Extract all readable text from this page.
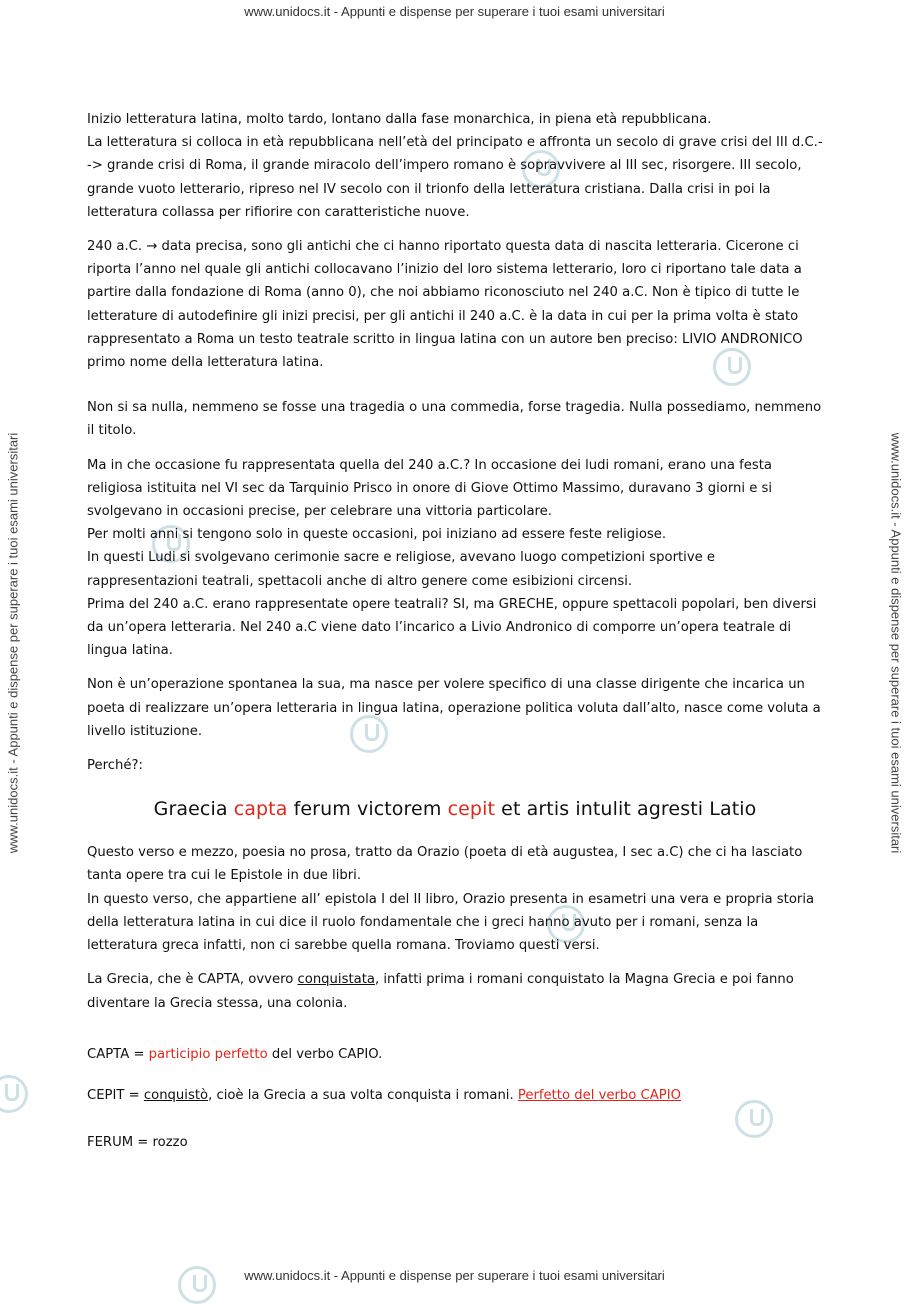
www.unidocs.it - Appunti e dispense per superare i tuoi esami universitari
www.unidocs.it - Appunti e dispense per superare i tuoi esami universitari
www.unidocs.it - Appunti e dispense per superare i tuoi esami universitari	www.unidocs.it - Appunti e dispense per superare i tuoi esami universitari

Inizio letteratura latina, molto tardo, lontano dalla fase monarchica, in piena età repubblicana.
La letteratura si colloca in età repubblicana nell’età del principato e affronta un secolo di grave crisi del III d.C.--> grande crisi di Roma, il grande miracolo dell’impero romano è sopravvivere al III sec, risorgere. III secolo, grande vuoto letterario, ripreso nel IV secolo con il trionfo della letteratura cristiana. Dalla crisi in poi la letteratura collassa per rifiorire con caratteristiche nuove.

240 a.C. → data precisa, sono gli antichi che ci hanno riportato questa data di nascita letteraria. Cicerone ci riporta l’anno nel quale gli antichi collocavano l’inizio del loro sistema letterario, loro ci riportano tale data a partire dalla fondazione di Roma (anno 0), che noi abbiamo riconosciuto nel 240 a.C. Non è tipico di tutte le letterature di autodefinire gli inizi precisi, per gli antichi il 240 a.C. è la data in cui per la prima volta è stato rappresentato a Roma un testo teatrale scritto in lingua latina con un autore ben preciso: LIVIO ANDRONICO primo nome della letteratura latina.

Non si sa nulla, nemmeno se fosse una tragedia o una commedia, forse tragedia. Nulla possediamo, nemmeno il titolo.

Ma in che occasione fu rappresentata quella del 240 a.C.? In occasione dei ludi romani, erano una festa religiosa istituita nel VI sec da Tarquinio Prisco in onore di Giove Ottimo Massimo, duravano 3 giorni e si svolgevano in occasioni precise, per celebrare una vittoria particolare.
Per molti anni si tengono solo in queste occasioni, poi iniziano ad essere feste religiose.
In questi Ludi si svolgevano cerimonie sacre e religiose, avevano luogo competizioni sportive e rappresentazioni teatrali, spettacoli anche di altro genere come esibizioni circensi.
Prima del 240 a.C. erano rappresentate opere teatrali? SI, ma GRECHE, oppure spettacoli popolari, ben diversi da un’opera letteraria. Nel 240 a.C viene dato l’incarico a Livio Andronico di comporre un’opera teatrale di lingua latina.

Non è un’operazione spontanea la sua, ma nasce per volere specifico di una classe dirigente che incarica un poeta di realizzare un’opera letteraria in lingua latina, operazione politica voluta dall’alto, nasce come voluta a livello istituzione.

Perché?:

Graecia capta ferum victorem cepit et artis intulit agresti Latio

Questo verso e mezzo, poesia no prosa, tratto da Orazio (poeta di età augustea, I sec a.C) che ci ha lasciato tanta opere tra cui le Epistole in due libri.
In questo verso, che appartiene all’ epistola I del II libro, Orazio presenta in esametri una vera e propria storia della letteratura latina in cui dice il ruolo fondamentale che i greci hanno avuto per i romani, senza la letteratura greca infatti, non ci sarebbe quella romana. Troviamo questi versi.

La Grecia, che è CAPTA, ovvero conquistata, infatti prima i romani conquistato la Magna Grecia e poi fanno diventare la Grecia stessa, una colonia.

CAPTA = participio perfetto del verbo CAPIO.

CEPIT = conquistò, cioè la Grecia a sua volta conquista i romani. Perfetto del verbo CAPIO

FERUM = rozzo
